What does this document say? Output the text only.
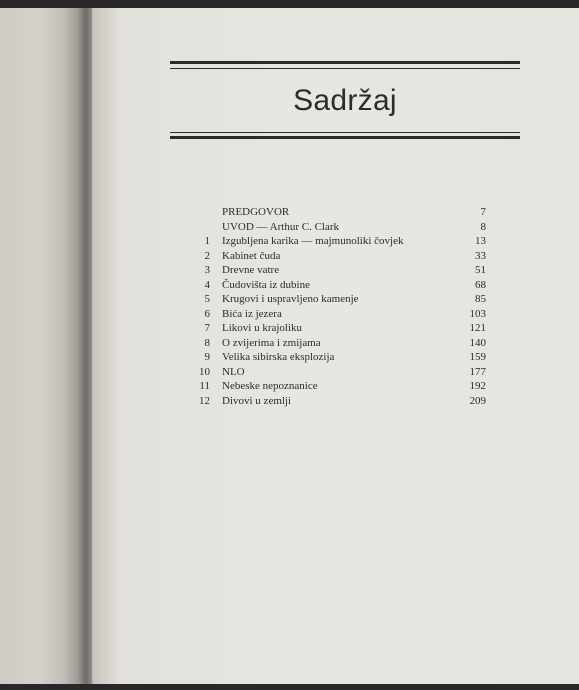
Sadržaj
PREDGOVOR	7
UVOD — Arthur C. Clark	8
1 Izgubljena karika — majmunoliki čovjek	13
2 Kabinet čuda	33
3 Drevne vatre	51
4 Čudovišta iz dubine	68
5 Krugovi i uspravljeno kamenje	85
6 Bića iz jezera	103
7 Likovi u krajoliku	121
8 O zvijerima i zmijama	140
9 Velika sibirska eksplozija	159
10 NLO	177
11 Nebeske nepoznanice	192
12 Divovi u zemlji	209
